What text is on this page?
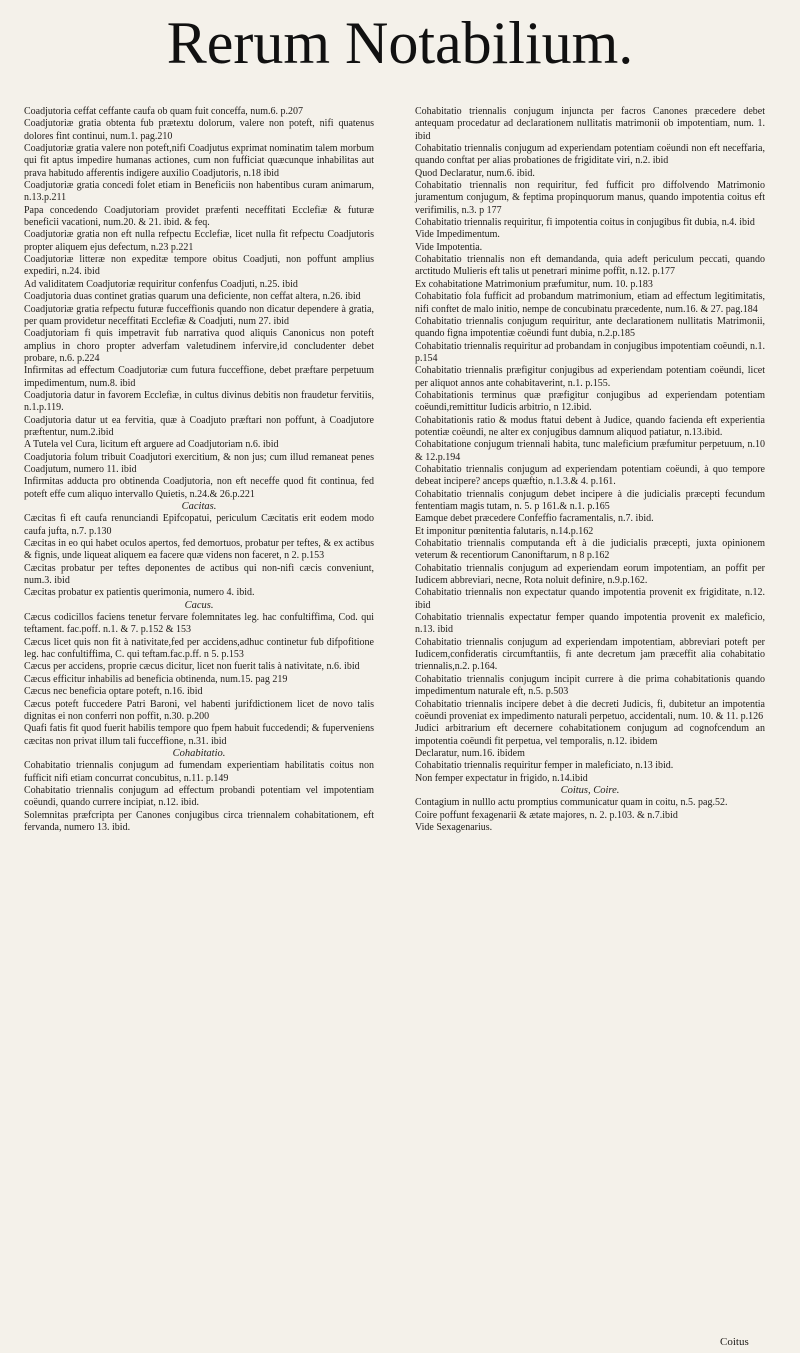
Rerum Notabilium.

Coadjutoria ceffat ceffante caufa ob quam fuit conceffa, num.6. p.207

Coadjutoriæ gratia obtenta fub prætextu dolorum, valere non poteft, nifi quatenus dolores fint continui, num.1. pag.210

Coadjutoriæ gratia valere non poteft,nifi Coadjutus exprimat nominatim talem morbum qui fit aptus impedire humanas actiones, cum non fufficiat quæcunque inhabilitas aut prava habitudo afferentis indigere auxilio Coadjutoris, n.18 ibid

Coadjutoriæ gratia concedi folet etiam in Beneficiis non habentibus curam animarum, n.13.p.211

Papa concedendo Coadjutoriam providet præfenti neceffitati Ecclefiæ & futuræ beneficii vacationi, num.20. & 21. ibid. & feq.

Coadjutoriæ gratia non eft nulla refpectu Ecclefiæ, licet nulla fit refpectu Coadjutoris propter aliquem ejus defectum, n.23 p.221

Coadjutoriæ litteræ non expeditæ tempore obitus Coadjuti, non poffunt amplius expediri, n.24. ibid

Ad validitatem Coadjutoriæ requiritur confenfus Coadjuti, n.25. ibid

Coadjutoria duas continet gratias quarum una deficiente, non ceffat altera, n.26. ibid

Coadjutoriæ gratia refpectu futuræ fucceffionis quando non dicatur dependere à gratia, per quam providetur neceffitati Ecclefiæ & Coadjuti, num 27. ibid

Coadjutoriam fi quis impetravit fub narrativa quod aliquis Canonicus non poteft amplius in choro propter adverfam valetudinem infervire,id concludenter debet probare, n.6. p.224

Infirmitas ad effectum Coadjutoriæ cum futura fucceffione, debet præftare perpetuum impedimentum, num.8. ibid

Coadjutoria datur in favorem Ecclefiæ, in cultus divinus debitis non fraudetur fervitiis, n.1.p.119.

Coadjutoria datur ut ea fervitia, quæ à Coadjuto præftari non poffunt, à Coadjutore præftentur, num.2.ibid

A Tutela vel Cura, licitum eft arguere ad Coadjutoriam n.6. ibid

Coadjutoria folum tribuit Coadjutori exercitium, & non jus; cum illud remaneat penes Coadjutum, numero 11. ibid

Infirmitas adducta pro obtinenda Coadjutoria, non eft neceffe quod fit continua, fed poteft effe cum aliquo intervallo Quietis, n.24.& 26.p.221

Cacitas.

Cæcitas fi eft caufa renunciandi Epifcopatui, periculum Cæcitatis erit eodem modo caufa jufta, n.7. p.130

Cæcitas in eo qui habet oculos apertos, fed demortuos, probatur per teftes, & ex actibus & fignis, unde liqueat aliquem ea facere quæ videns non faceret, n 2. p.153

Cæcitas probatur per teftes deponentes de actibus qui non-nifi cæcis conveniunt, num.3. ibid

Cæcitas probatur ex patientis querimonia, numero 4. ibid.

Cacus.

Cæcus codicillos faciens tenetur fervare folemnitates leg. hac confultiffima, Cod. qui teftament. fac.poff. n.1. & 7. p.152 & 153

Cæcus licet quis non fit à nativitate,fed per accidens,adhuc continetur fub difpofitione leg. hac confultiffima, C. qui teftam.fac.p.ff. n 5. p.153

Cæcus per accidens, proprie cæcus dicitur, licet non fuerit talis à nativitate, n.6. ibid

Cæcus efficitur inhabilis ad beneficia obtinenda, num.15. pag 219

Cæcus nec beneficia optare poteft, n.16. ibid

Cæcus poteft fuccedere Patri Baroni, vel habenti jurifdictionem licet de novo talis dignitas ei non conferri non poffit, n.30. p.200

Quafi fatis fit quod fuerit habilis tempore quo fpem habuit fuccedendi; & fuperveniens cæcitas non privat illum tali fucceffione, n.31. ibid

Cohabitatio.

Cohabitatio triennalis conjugum ad fumendam experientiam habilitatis coitus non fufficit nifi etiam concurrat concubitus, n.11. p.149

Cohabitatio triennalis conjugum ad effectum probandi potentiam vel impotentiam coëundi, quando currere incipiat, n.12. ibid.

Solemnitas præfcripta per Canones conjugibus circa triennalem cohabitationem, eft fervanda, numero 13. ibid.

Cohabitatio triennalis conjugum injuncta per facros Canones præcedere debet antequam procedatur ad declarationem nullitatis matrimonii ob impotentiam, num. 1. ibid

Cohabitatio triennalis conjugum ad experiendam potentiam coëundi non eft neceffaria, quando conftat per alias probationes de frigiditate viri, n.2. ibid

Quod Declaratur, num.6. ibid.

Cohabitatio triennalis non requiritur, fed fufficit pro diffolvendo Matrimonio juramentum conjugum, & feptima propinquorum manus, quando impotentia coitus eft verifimilis, n.3. p 177

Cohabitatio triennalis requiritur, fi impotentia coitus in conjugibus fit dubia, n.4. ibid

Vide Impedimentum.

Vide Impotentia.

Cohabitatio triennalis non eft demandanda, quia adeft periculum peccati, quando arctitudo Mulieris eft talis ut penetrari minime poffit, n.12. p.177

Ex cohabitatione Matrimonium præfumitur, num. 10. p.183

Cohabitatio fola fufficit ad probandum matrimonium, etiam ad effectum legitimitatis, nifi conftet de malo initio, nempe de concubinatu præcedente, num.16. & 27. pag.184

Cohabitatio triennalis conjugum requiritur, ante declarationem nullitatis Matrimonii, quando figna impotentiæ coëundi funt dubia, n.2.p.185

Cohabitatio triennalis requiritur ad probandam in conjugibus impotentiam coëundi, n.1. p.154

Cohabitatio triennalis præfigitur conjugibus ad experiendam potentiam coëundi, licet per aliquot annos ante cohabitaverint, n.1. p.155.

Cohabitationis terminus quæ præfigitur conjugibus ad experiendam potentiam coëundi,remittitur Iudicis arbitrio, n 12.ibid.

Cohabitationis ratio & modus ftatui debent à Judice, quando facienda eft experientia potentiæ coëundi, ne alter ex conjugibus damnum aliquod patiatur, n.13.ibid.

Cohabitatione conjugum triennali habita, tunc maleficium præfumitur perpetuum, n.10 & 12.p.194

Cohabitatio triennalis conjugum ad experiendam potentiam coëundi, à quo tempore debeat incipere? anceps quæftio, n.1.3.& 4. p.161.

Cohabitatio triennalis conjugum debet incipere à die judicialis præcepti fecundum fententiam magis tutam, n. 5. p 161.& n.1. p.165

Eamque debet præcedere Confeffio facramentalis, n.7. ibid.

Et imponitur pœnitentia falutaris, n.14.p.162

Cohabitatio triennalis computanda eft à die judicialis præcepti, juxta opinionem veterum & recentiorum Canoniftarum, n 8 p.162

Cohabitatio triennalis conjugum ad experiendam eorum impotentiam, an poffit per Iudicem abbreviari, necne, Rota noluit definire, n.9.p.162.

Cohabitatio triennalis non expectatur quando impotentia provenit ex frigiditate, n.12. ibid

Cohabitatio triennalis expectatur femper quando impotentia provenit ex maleficio, n.13. ibid

Cohabitatio triennalis conjugum ad experiendam impotentiam, abbreviari poteft per Iudicem,confideratis circumftantiis, fi ante decretum jam præceffit alia cohabitatio triennalis,n.2. p.164.

Cohabitatio triennalis conjugum incipit currere à die prima cohabitationis quando impedimentum naturale eft, n.5. p.503

Cohabitatio triennalis incipere debet à die decreti Judicis, fi, dubitetur an impotentia coëundi proveniat ex impedimento naturali perpetuo, accidentali, num. 10. & 11. p.126

Judici arbitrarium eft decernere cohabitationem conjugum ad cognofcendum an impotentia coëundi fit perpetua, vel temporalis, n.12. ibidem

Declaratur, num.16. ibidem

Cohabitatio triennalis requiritur femper in maleficiato, n.13 ibid.

Non femper expectatur in frigido, n.14.ibid

Coitus, Coire.

Contagium in nulllo actu promptius communicatur quam in coitu, n.5. pag.52.

Coire poffunt fexagenarii & ætate majores, n. 2. p.103. & n.7.ibid

Vide Sexagenarius.

Coitus
